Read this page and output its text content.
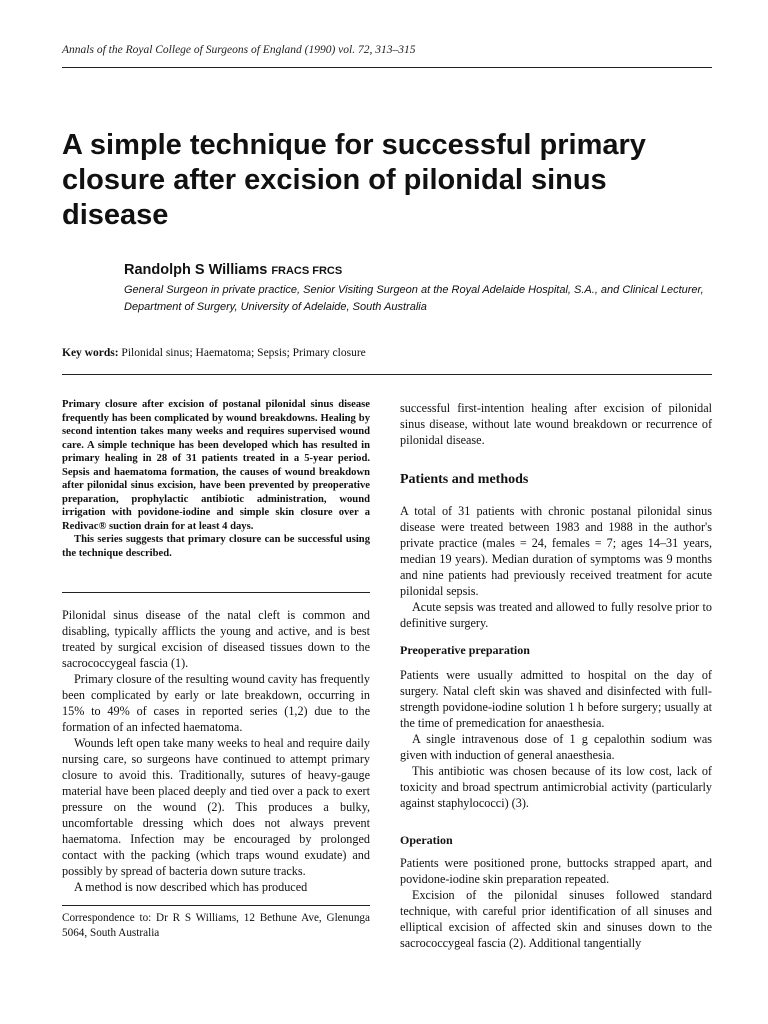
Annals of the Royal College of Surgeons of England (1990) vol. 72, 313–315
A simple technique for successful primary closure after excision of pilonidal sinus disease
Randolph S Williams FRACS FRCS
General Surgeon in private practice, Senior Visiting Surgeon at the Royal Adelaide Hospital, S.A., and Clinical Lecturer, Department of Surgery, University of Adelaide, South Australia
Key words: Pilonidal sinus; Haematoma; Sepsis; Primary closure

Primary closure after excision of postanal pilonidal sinus disease frequently has been complicated by wound breakdowns. Healing by second intention takes many weeks and requires supervised wound care. A simple technique has been developed which has resulted in primary healing in 28 of 31 patients treated in a 5-year period. Sepsis and haematoma formation, the causes of wound breakdown after pilonidal sinus excision, have been prevented by preoperative preparation, prophylactic antibiotic administration, wound irrigation with povidone-iodine and simple skin closure over a Redivac® suction drain for at least 4 days.

This series suggests that primary closure can be successful using the technique described.

Pilonidal sinus disease of the natal cleft is common and disabling, typically afflicts the young and active, and is best treated by surgical excision of diseased tissues down to the sacrococcygeal fascia (1).

Primary closure of the resulting wound cavity has frequently been complicated by early or late breakdown, occurring in 15% to 49% of cases in reported series (1,2) due to the formation of an infected haematoma.

Wounds left open take many weeks to heal and require daily nursing care, so surgeons have continued to attempt primary closure to avoid this. Traditionally, sutures of heavy-gauge material have been placed deeply and tied over a pack to exert pressure on the wound (2). This produces a bulky, uncomfortable dressing which does not always prevent haematoma. Infection may be encouraged by prolonged contact with the packing (which traps wound exudate) and possibly by spread of bacteria down suture tracks.

A method is now described which has produced

Correspondence to: Dr R S Williams, 12 Bethune Ave, Glenunga 5064, South Australia

successful first-intention healing after excision of pilonidal sinus disease, without late wound breakdown or recurrence of pilonidal disease.

Patients and methods

A total of 31 patients with chronic postanal pilonidal sinus disease were treated between 1983 and 1988 in the author's private practice (males = 24, females = 7; ages 14–31 years, median 19 years). Median duration of symptoms was 9 months and nine patients had previously received treatment for acute pilonidal sepsis.

Acute sepsis was treated and allowed to fully resolve prior to definitive surgery.

Preoperative preparation

Patients were usually admitted to hospital on the day of surgery. Natal cleft skin was shaved and disinfected with full-strength povidone-iodine solution 1 h before surgery; usually at the time of premedication for anaesthesia.

A single intravenous dose of 1 g cepalothin sodium was given with induction of general anaesthesia.

This antibiotic was chosen because of its low cost, lack of toxicity and broad spectrum antimicrobial activity (particularly against staphylococci) (3).

Operation

Patients were positioned prone, buttocks strapped apart, and povidone-iodine skin preparation repeated.

Excision of the pilonidal sinuses followed standard technique, with careful prior identification of all sinuses and elliptical excision of affected skin and sinuses down to the sacrococcygeal fascia (2). Additional tangentially
